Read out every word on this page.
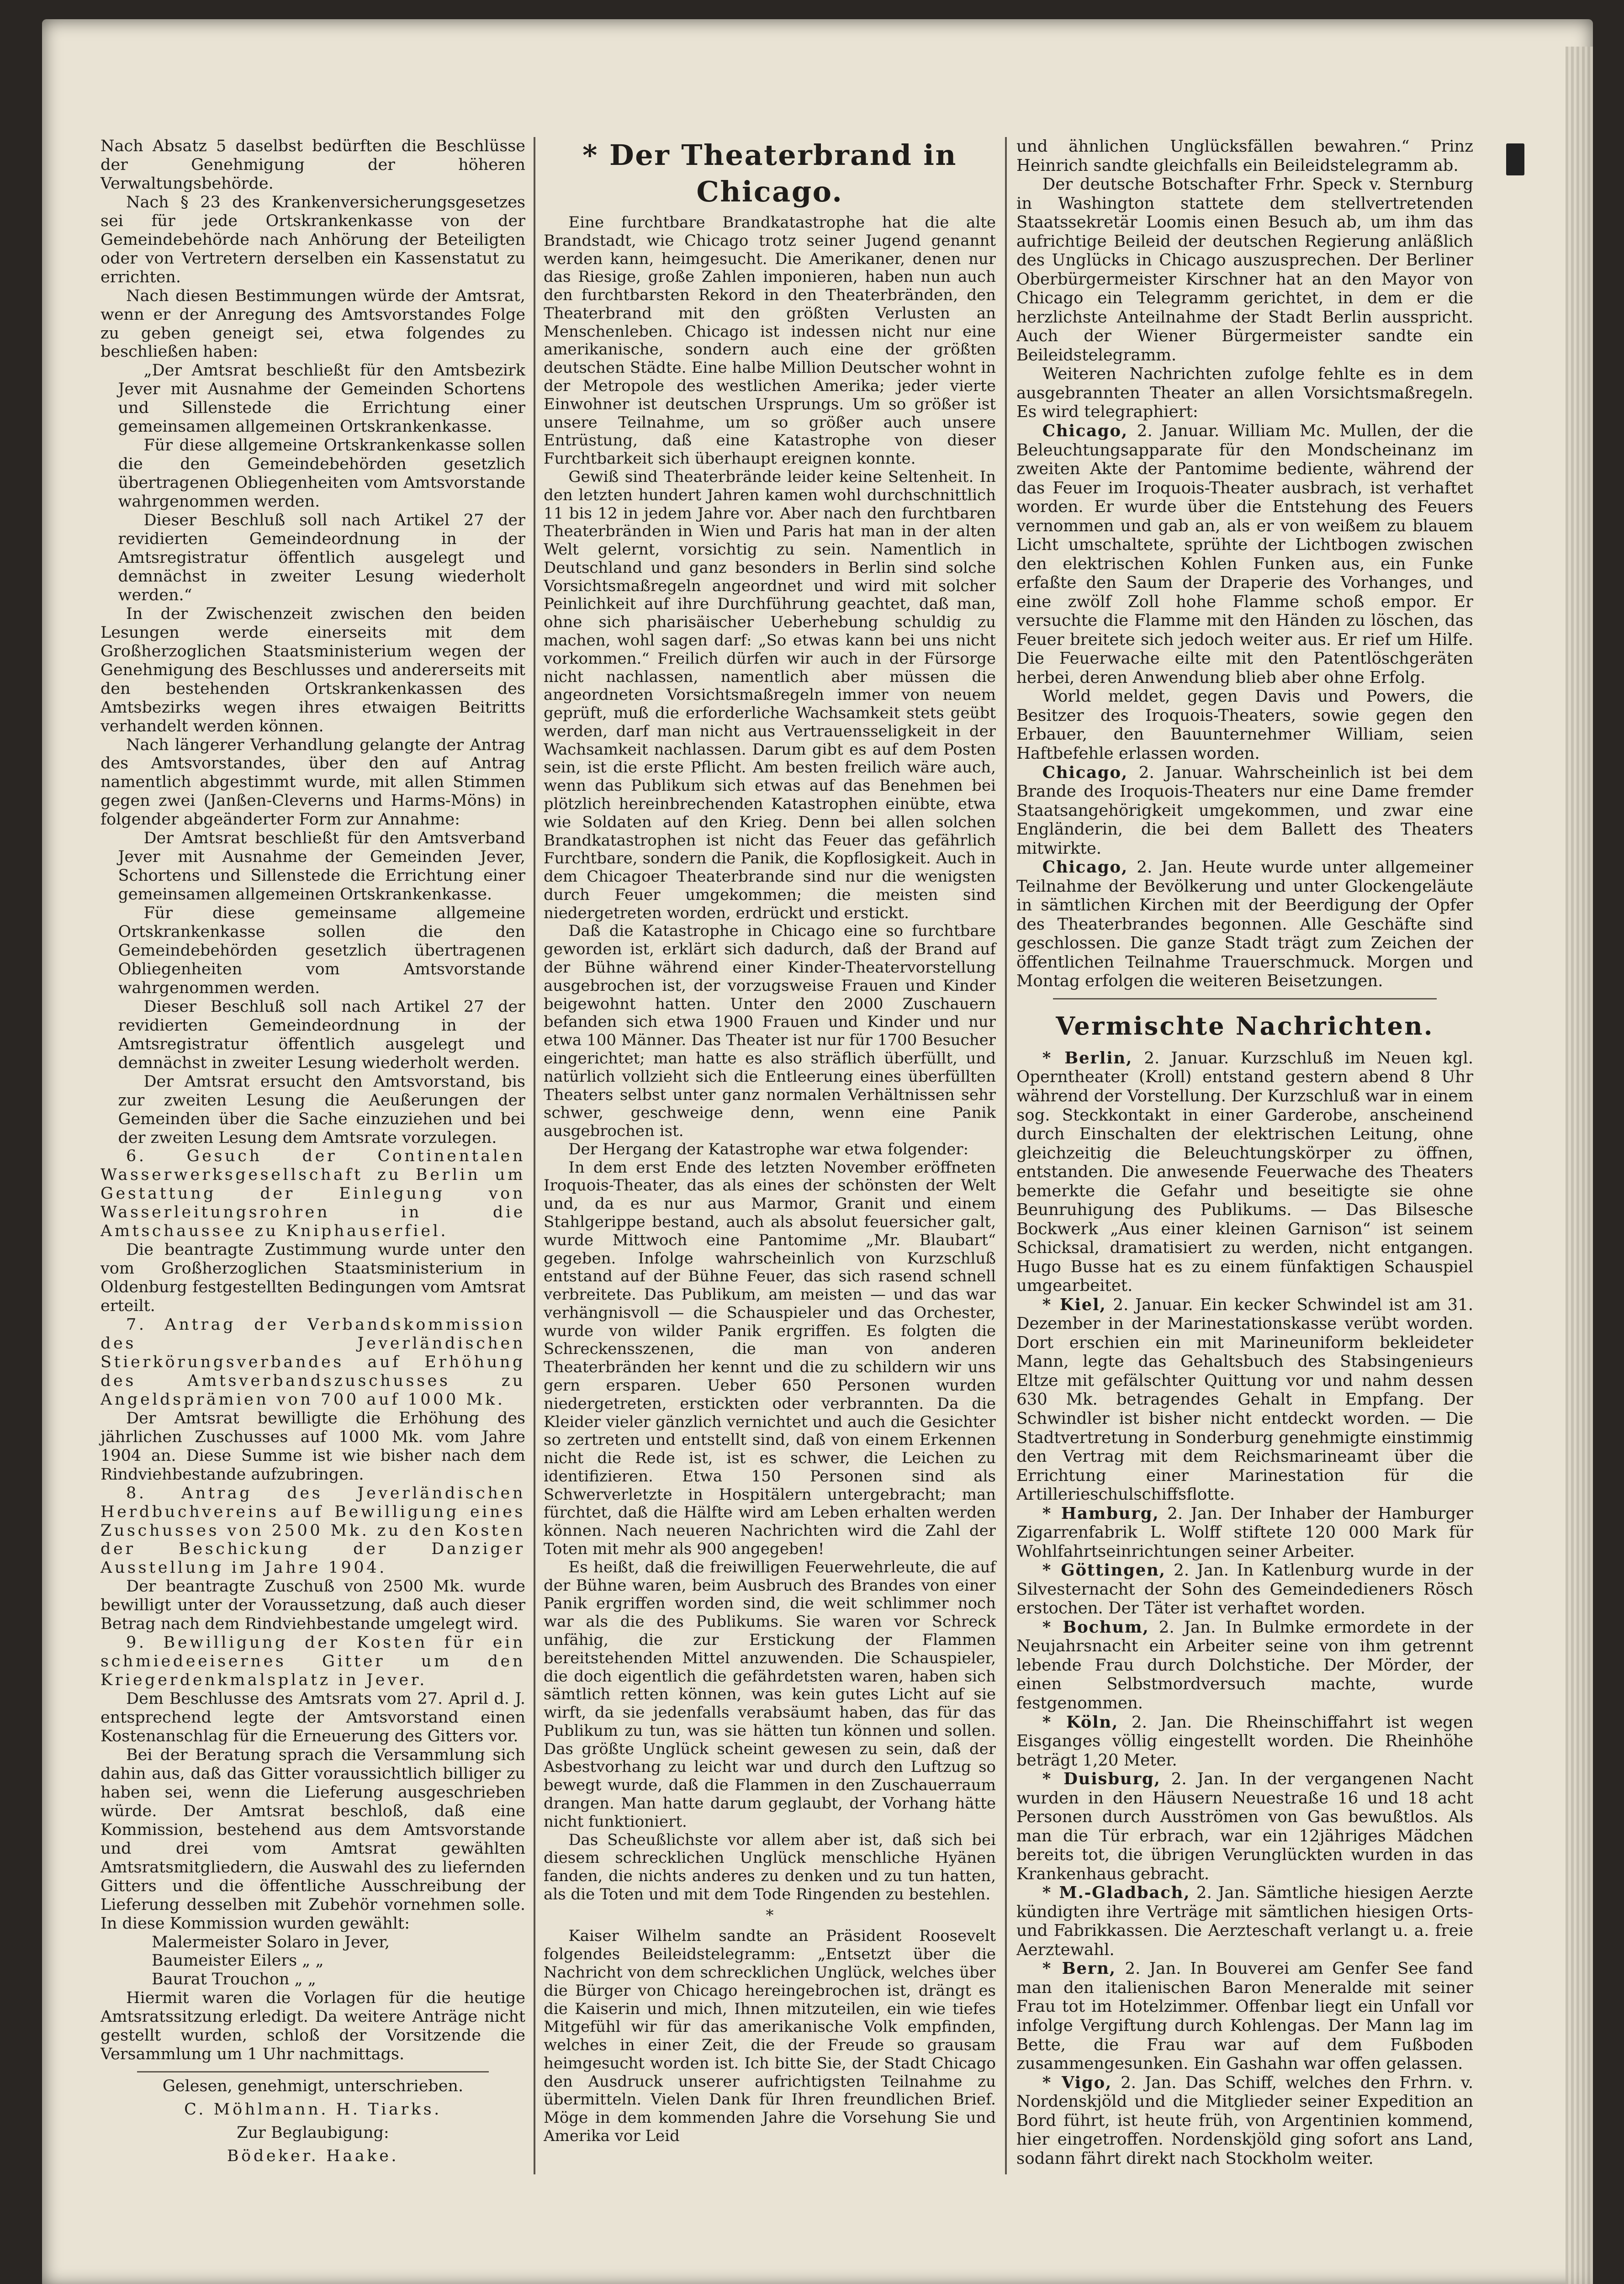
Nach Absatz 5 daselbst bedürften die Beschlüsse der Genehmigung der höheren Verwaltungsbehörde.

Nach § 23 des Krankenversicherungsgesetzes sei für jede Ortskrankenkasse von der Gemeindebehörde nach Anhörung der Beteiligten oder von Vertretern derselben ein Kassenstatut zu errichten.

Nach diesen Bestimmungen würde der Amtsrat, wenn er der Anregung des Amtsvorstandes Folge zu geben geneigt sei, etwa folgendes zu beschließen haben:

„Der Amtsrat beschließt für den Amtsbezirk Jever mit Ausnahme der Gemeinden Schortens und Sillenstede die Errichtung einer gemeinsamen allgemeinen Ortskrankenkasse.

Für diese allgemeine Ortskrankenkasse sollen die den Gemeindebehörden gesetzlich übertragenen Obliegenheiten vom Amtsvorstande wahrgenommen werden.

Dieser Beschluß soll nach Artikel 27 der revidierten Gemeindeordnung in der Amtsregistratur öffentlich ausgelegt und demnächst in zweiter Lesung wiederholt werden.“

In der Zwischenzeit zwischen den beiden Lesungen werde einerseits mit dem Großherzoglichen Staatsministerium wegen der Genehmigung des Beschlusses und andererseits mit den bestehenden Ortskrankenkassen des Amtsbezirks wegen ihres etwaigen Beitritts verhandelt werden können.

Nach längerer Verhandlung gelangte der Antrag des Amtsvorstandes, über den auf Antrag namentlich abgestimmt wurde, mit allen Stimmen gegen zwei (Janßen-Cleverns und Harms-Möns) in folgender abgeänderter Form zur Annahme:

Der Amtsrat beschließt für den Amtsverband Jever mit Ausnahme der Gemeinden Jever, Schortens und Sillenstede die Errichtung einer gemeinsamen allgemeinen Ortskrankenkasse.

Für diese gemeinsame allgemeine Ortskrankenkasse sollen die den Gemeindebehörden gesetzlich übertragenen Obliegenheiten vom Amtsvorstande wahrgenommen werden.

Dieser Beschluß soll nach Artikel 27 der revidierten Gemeindeordnung in der Amtsregistratur öffentlich ausgelegt und demnächst in zweiter Lesung wiederholt werden.

Der Amtsrat ersucht den Amtsvorstand, bis zur zweiten Lesung die Aeußerungen der Gemeinden über die Sache einzuziehen und bei der zweiten Lesung dem Amtsrate vorzulegen.

6. Gesuch der Continentalen Wasserwerksgesellschaft zu Berlin um Gestattung der Einlegung von Wasserleitungsrohren in die Amtschaussee zu Kniphauserfiel.

Die beantragte Zustimmung wurde unter den vom Großherzoglichen Staatsministerium in Oldenburg festgestellten Bedingungen vom Amtsrat erteilt.

7. Antrag der Verbandskommission des Jeverländischen Stierkörungsverbandes auf Erhöhung des Amtsverbandszuschusses zu Angeldsprämien von 700 auf 1000 Mk.

Der Amtsrat bewilligte die Erhöhung des jährlichen Zuschusses auf 1000 Mk. vom Jahre 1904 an. Diese Summe ist wie bisher nach dem Rindviehbestande aufzubringen.

8. Antrag des Jeverländischen Herdbuchvereins auf Bewilligung eines Zuschusses von 2500 Mk. zu den Kosten der Beschickung der Danziger Ausstellung im Jahre 1904.

Der beantragte Zuschuß von 2500 Mk. wurde bewilligt unter der Voraussetzung, daß auch dieser Betrag nach dem Rindviehbestande umgelegt wird.

9. Bewilligung der Kosten für ein schmiedeeisernes Gitter um den Kriegerdenkmalsplatz in Jever.

Dem Beschlusse des Amtsrats vom 27. April d. J. entsprechend legte der Amtsvorstand einen Kostenanschlag für die Erneuerung des Gitters vor.

Bei der Beratung sprach die Versammlung sich dahin aus, daß das Gitter voraussichtlich billiger zu haben sei, wenn die Lieferung ausgeschrieben würde. Der Amtsrat beschloß, daß eine Kommission, bestehend aus dem Amtsvorstande und drei vom Amtsrat gewählten Amtsratsmitgliedern, die Auswahl des zu liefernden Gitters und die öffentliche Ausschreibung der Lieferung desselben mit Zubehör vornehmen solle. In diese Kommission wurden gewählt:

Malermeister Solaro in Jever,

Baumeister Eilers „ „

Baurat Trouchon „ „

Hiermit waren die Vorlagen für die heutige Amtsratssitzung erledigt. Da weitere Anträge nicht gestellt wurden, schloß der Vorsitzende die Versammlung um 1 Uhr nachmittags.

Gelesen, genehmigt, unterschrieben.

C. Möhlmann. H. Tiarks.

Zur Beglaubigung:

Bödeker. Haake.

* Der Theaterbrand in Chicago.

Eine furchtbare Brandkatastrophe hat die alte Brandstadt, wie Chicago trotz seiner Jugend genannt werden kann, heimgesucht. Die Amerikaner, denen nur das Riesige, große Zahlen imponieren, haben nun auch den furchtbarsten Rekord in den Theaterbränden, den Theaterbrand mit den größten Verlusten an Menschenleben. Chicago ist indessen nicht nur eine amerikanische, sondern auch eine der größten deutschen Städte. Eine halbe Million Deutscher wohnt in der Metropole des westlichen Amerika; jeder vierte Einwohner ist deutschen Ursprungs. Um so größer ist unsere Teilnahme, um so größer auch unsere Entrüstung, daß eine Katastrophe von dieser Furchtbarkeit sich überhaupt ereignen konnte.

Gewiß sind Theaterbrände leider keine Seltenheit. In den letzten hundert Jahren kamen wohl durchschnittlich 11 bis 12 in jedem Jahre vor. Aber nach den furchtbaren Theaterbränden in Wien und Paris hat man in der alten Welt gelernt, vorsichtig zu sein. Namentlich in Deutschland und ganz besonders in Berlin sind solche Vorsichtsmaßregeln angeordnet und wird mit solcher Peinlichkeit auf ihre Durchführung geachtet, daß man, ohne sich pharisäischer Ueberhebung schuldig zu machen, wohl sagen darf: „So etwas kann bei uns nicht vorkommen.“ Freilich dürfen wir auch in der Fürsorge nicht nachlassen, namentlich aber müssen die angeordneten Vorsichtsmaßregeln immer von neuem geprüft, muß die erforderliche Wachsamkeit stets geübt werden, darf man nicht aus Vertrauensseligkeit in der Wachsamkeit nachlassen. Darum gibt es auf dem Posten sein, ist die erste Pflicht. Am besten freilich wäre auch, wenn das Publikum sich etwas auf das Benehmen bei plötzlich hereinbrechenden Katastrophen einübte, etwa wie Soldaten auf den Krieg. Denn bei allen solchen Brandkatastrophen ist nicht das Feuer das gefährlich Furchtbare, sondern die Panik, die Kopflosigkeit. Auch in dem Chicagoer Theaterbrande sind nur die wenigsten durch Feuer umgekommen; die meisten sind niedergetreten worden, erdrückt und erstickt.

Daß die Katastrophe in Chicago eine so furchtbare geworden ist, erklärt sich dadurch, daß der Brand auf der Bühne während einer Kinder-Theatervorstellung ausgebrochen ist, der vorzugsweise Frauen und Kinder beigewohnt hatten. Unter den 2000 Zuschauern befanden sich etwa 1900 Frauen und Kinder und nur etwa 100 Männer. Das Theater ist nur für 1700 Besucher eingerichtet; man hatte es also sträflich überfüllt, und natürlich vollzieht sich die Entleerung eines überfüllten Theaters selbst unter ganz normalen Verhältnissen sehr schwer, geschweige denn, wenn eine Panik ausgebrochen ist.

Der Hergang der Katastrophe war etwa folgender:

In dem erst Ende des letzten November eröffneten Iroquois-Theater, das als eines der schönsten der Welt und, da es nur aus Marmor, Granit und einem Stahlgerippe bestand, auch als absolut feuersicher galt, wurde Mittwoch eine Pantomime „Mr. Blaubart“ gegeben. Infolge wahrscheinlich von Kurzschluß entstand auf der Bühne Feuer, das sich rasend schnell verbreitete. Das Publikum, am meisten — und das war verhängnisvoll — die Schauspieler und das Orchester, wurde von wilder Panik ergriffen. Es folgten die Schreckensszenen, die man von anderen Theaterbränden her kennt und die zu schildern wir uns gern ersparen. Ueber 650 Personen wurden niedergetreten, erstickten oder verbrannten. Da die Kleider vieler gänzlich vernichtet und auch die Gesichter so zertreten und entstellt sind, daß von einem Erkennen nicht die Rede ist, ist es schwer, die Leichen zu identifizieren. Etwa 150 Personen sind als Schwerverletzte in Hospitälern untergebracht; man fürchtet, daß die Hälfte wird am Leben erhalten werden können. Nach neueren Nachrichten wird die Zahl der Toten mit mehr als 900 angegeben!

Es heißt, daß die freiwilligen Feuerwehrleute, die auf der Bühne waren, beim Ausbruch des Brandes von einer Panik ergriffen worden sind, die weit schlimmer noch war als die des Publikums. Sie waren vor Schreck unfähig, die zur Erstickung der Flammen bereitstehenden Mittel anzuwenden. Die Schauspieler, die doch eigentlich die gefährdetsten waren, haben sich sämtlich retten können, was kein gutes Licht auf sie wirft, da sie jedenfalls verabsäumt haben, das für das Publikum zu tun, was sie hätten tun können und sollen. Das größte Unglück scheint gewesen zu sein, daß der Asbestvorhang zu leicht war und durch den Luftzug so bewegt wurde, daß die Flammen in den Zuschauerraum drangen. Man hatte darum geglaubt, der Vorhang hätte nicht funktioniert.

Das Scheußlichste vor allem aber ist, daß sich bei diesem schrecklichen Unglück menschliche Hyänen fanden, die nichts anderes zu denken und zu tun hatten, als die Toten und mit dem Tode Ringenden zu bestehlen.

*

Kaiser Wilhelm sandte an Präsident Roosevelt folgendes Beileidstelegramm: „Entsetzt über die Nachricht von dem schrecklichen Unglück, welches über die Bürger von Chicago hereingebrochen ist, drängt es die Kaiserin und mich, Ihnen mitzuteilen, ein wie tiefes Mitgefühl wir für das amerikanische Volk empfinden, welches in einer Zeit, die der Freude so grausam heimgesucht worden ist. Ich bitte Sie, der Stadt Chicago den Ausdruck unserer aufrichtigsten Teilnahme zu übermitteln. Vielen Dank für Ihren freundlichen Brief. Möge in dem kommenden Jahre die Vorsehung Sie und Amerika vor Leid

und ähnlichen Unglücksfällen bewahren.“ Prinz Heinrich sandte gleichfalls ein Beileidstelegramm ab.

Der deutsche Botschafter Frhr. Speck v. Sternburg in Washington stattete dem stellvertretenden Staatssekretär Loomis einen Besuch ab, um ihm das aufrichtige Beileid der deutschen Regierung anläßlich des Unglücks in Chicago auszusprechen. Der Berliner Oberbürgermeister Kirschner hat an den Mayor von Chicago ein Telegramm gerichtet, in dem er die herzlichste Anteilnahme der Stadt Berlin ausspricht. Auch der Wiener Bürgermeister sandte ein Beileidstelegramm.

Weiteren Nachrichten zufolge fehlte es in dem ausgebrannten Theater an allen Vorsichtsmaßregeln. Es wird telegraphiert:

Chicago, 2. Januar. William Mc. Mullen, der die Beleuchtungsapparate für den Mondscheinanz im zweiten Akte der Pantomime bediente, während der das Feuer im Iroquois-Theater ausbrach, ist verhaftet worden. Er wurde über die Entstehung des Feuers vernommen und gab an, als er von weißem zu blauem Licht umschaltete, sprühte der Lichtbogen zwischen den elektrischen Kohlen Funken aus, ein Funke erfaßte den Saum der Draperie des Vorhanges, und eine zwölf Zoll hohe Flamme schoß empor. Er versuchte die Flamme mit den Händen zu löschen, das Feuer breitete sich jedoch weiter aus. Er rief um Hilfe. Die Feuerwache eilte mit den Patentlöschgeräten herbei, deren Anwendung blieb aber ohne Erfolg.

World meldet, gegen Davis und Powers, die Besitzer des Iroquois-Theaters, sowie gegen den Erbauer, den Bauunternehmer William, seien Haftbefehle erlassen worden.

Chicago, 2. Januar. Wahrscheinlich ist bei dem Brande des Iroquois-Theaters nur eine Dame fremder Staatsangehörigkeit umgekommen, und zwar eine Engländerin, die bei dem Ballett des Theaters mitwirkte.

Chicago, 2. Jan. Heute wurde unter allgemeiner Teilnahme der Bevölkerung und unter Glockengeläute in sämtlichen Kirchen mit der Beerdigung der Opfer des Theaterbrandes begonnen. Alle Geschäfte sind geschlossen. Die ganze Stadt trägt zum Zeichen der öffentlichen Teilnahme Trauerschmuck. Morgen und Montag erfolgen die weiteren Beisetzungen.

Vermischte Nachrichten.

* Berlin, 2. Januar. Kurzschluß im Neuen kgl. Operntheater (Kroll) entstand gestern abend 8 Uhr während der Vorstellung. Der Kurzschluß war in einem sog. Steckkontakt in einer Garderobe, anscheinend durch Einschalten der elektrischen Leitung, ohne gleichzeitig die Beleuchtungskörper zu öffnen, entstanden. Die anwesende Feuerwache des Theaters bemerkte die Gefahr und beseitigte sie ohne Beunruhigung des Publikums. — Das Bilsesche Bockwerk „Aus einer kleinen Garnison“ ist seinem Schicksal, dramatisiert zu werden, nicht entgangen. Hugo Busse hat es zu einem fünfaktigen Schauspiel umgearbeitet.

* Kiel, 2. Januar. Ein kecker Schwindel ist am 31. Dezember in der Marinestationskasse verübt worden. Dort erschien ein mit Marineuniform bekleideter Mann, legte das Gehaltsbuch des Stabsingenieurs Eltze mit gefälschter Quittung vor und nahm dessen 630 Mk. betragendes Gehalt in Empfang. Der Schwindler ist bisher nicht entdeckt worden. — Die Stadtvertretung in Sonderburg genehmigte einstimmig den Vertrag mit dem Reichsmarineamt über die Errichtung einer Marinestation für die Artillerieschulschiffsflotte.

* Hamburg, 2. Jan. Der Inhaber der Hamburger Zigarrenfabrik L. Wolff stiftete 120 000 Mark für Wohlfahrtseinrichtungen seiner Arbeiter.

* Göttingen, 2. Jan. In Katlenburg wurde in der Silvesternacht der Sohn des Gemeindedieners Rösch erstochen. Der Täter ist verhaftet worden.

* Bochum, 2. Jan. In Bulmke ermordete in der Neujahrsnacht ein Arbeiter seine von ihm getrennt lebende Frau durch Dolchstiche. Der Mörder, der einen Selbstmordversuch machte, wurde festgenommen.

* Köln, 2. Jan. Die Rheinschiffahrt ist wegen Eisganges völlig eingestellt worden. Die Rheinhöhe beträgt 1,20 Meter.

* Duisburg, 2. Jan. In der vergangenen Nacht wurden in den Häusern Neuestraße 16 und 18 acht Personen durch Ausströmen von Gas bewußtlos. Als man die Tür erbrach, war ein 12jähriges Mädchen bereits tot, die übrigen Verunglückten wurden in das Krankenhaus gebracht.

* M.-Gladbach, 2. Jan. Sämtliche hiesigen Aerzte kündigten ihre Verträge mit sämtlichen hiesigen Orts- und Fabrikkassen. Die Aerzteschaft verlangt u. a. freie Aerztewahl.

* Bern, 2. Jan. In Bouverei am Genfer See fand man den italienischen Baron Meneralde mit seiner Frau tot im Hotelzimmer. Offenbar liegt ein Unfall vor infolge Vergiftung durch Kohlengas. Der Mann lag im Bette, die Frau war auf dem Fußboden zusammengesunken. Ein Gashahn war offen gelassen.

* Vigo, 2. Jan. Das Schiff, welches den Frhrn. v. Nordenskjöld und die Mitglieder seiner Expedition an Bord führt, ist heute früh, von Argentinien kommend, hier eingetroffen. Nordenskjöld ging sofort ans Land, sodann fährt direkt nach Stockholm weiter.
